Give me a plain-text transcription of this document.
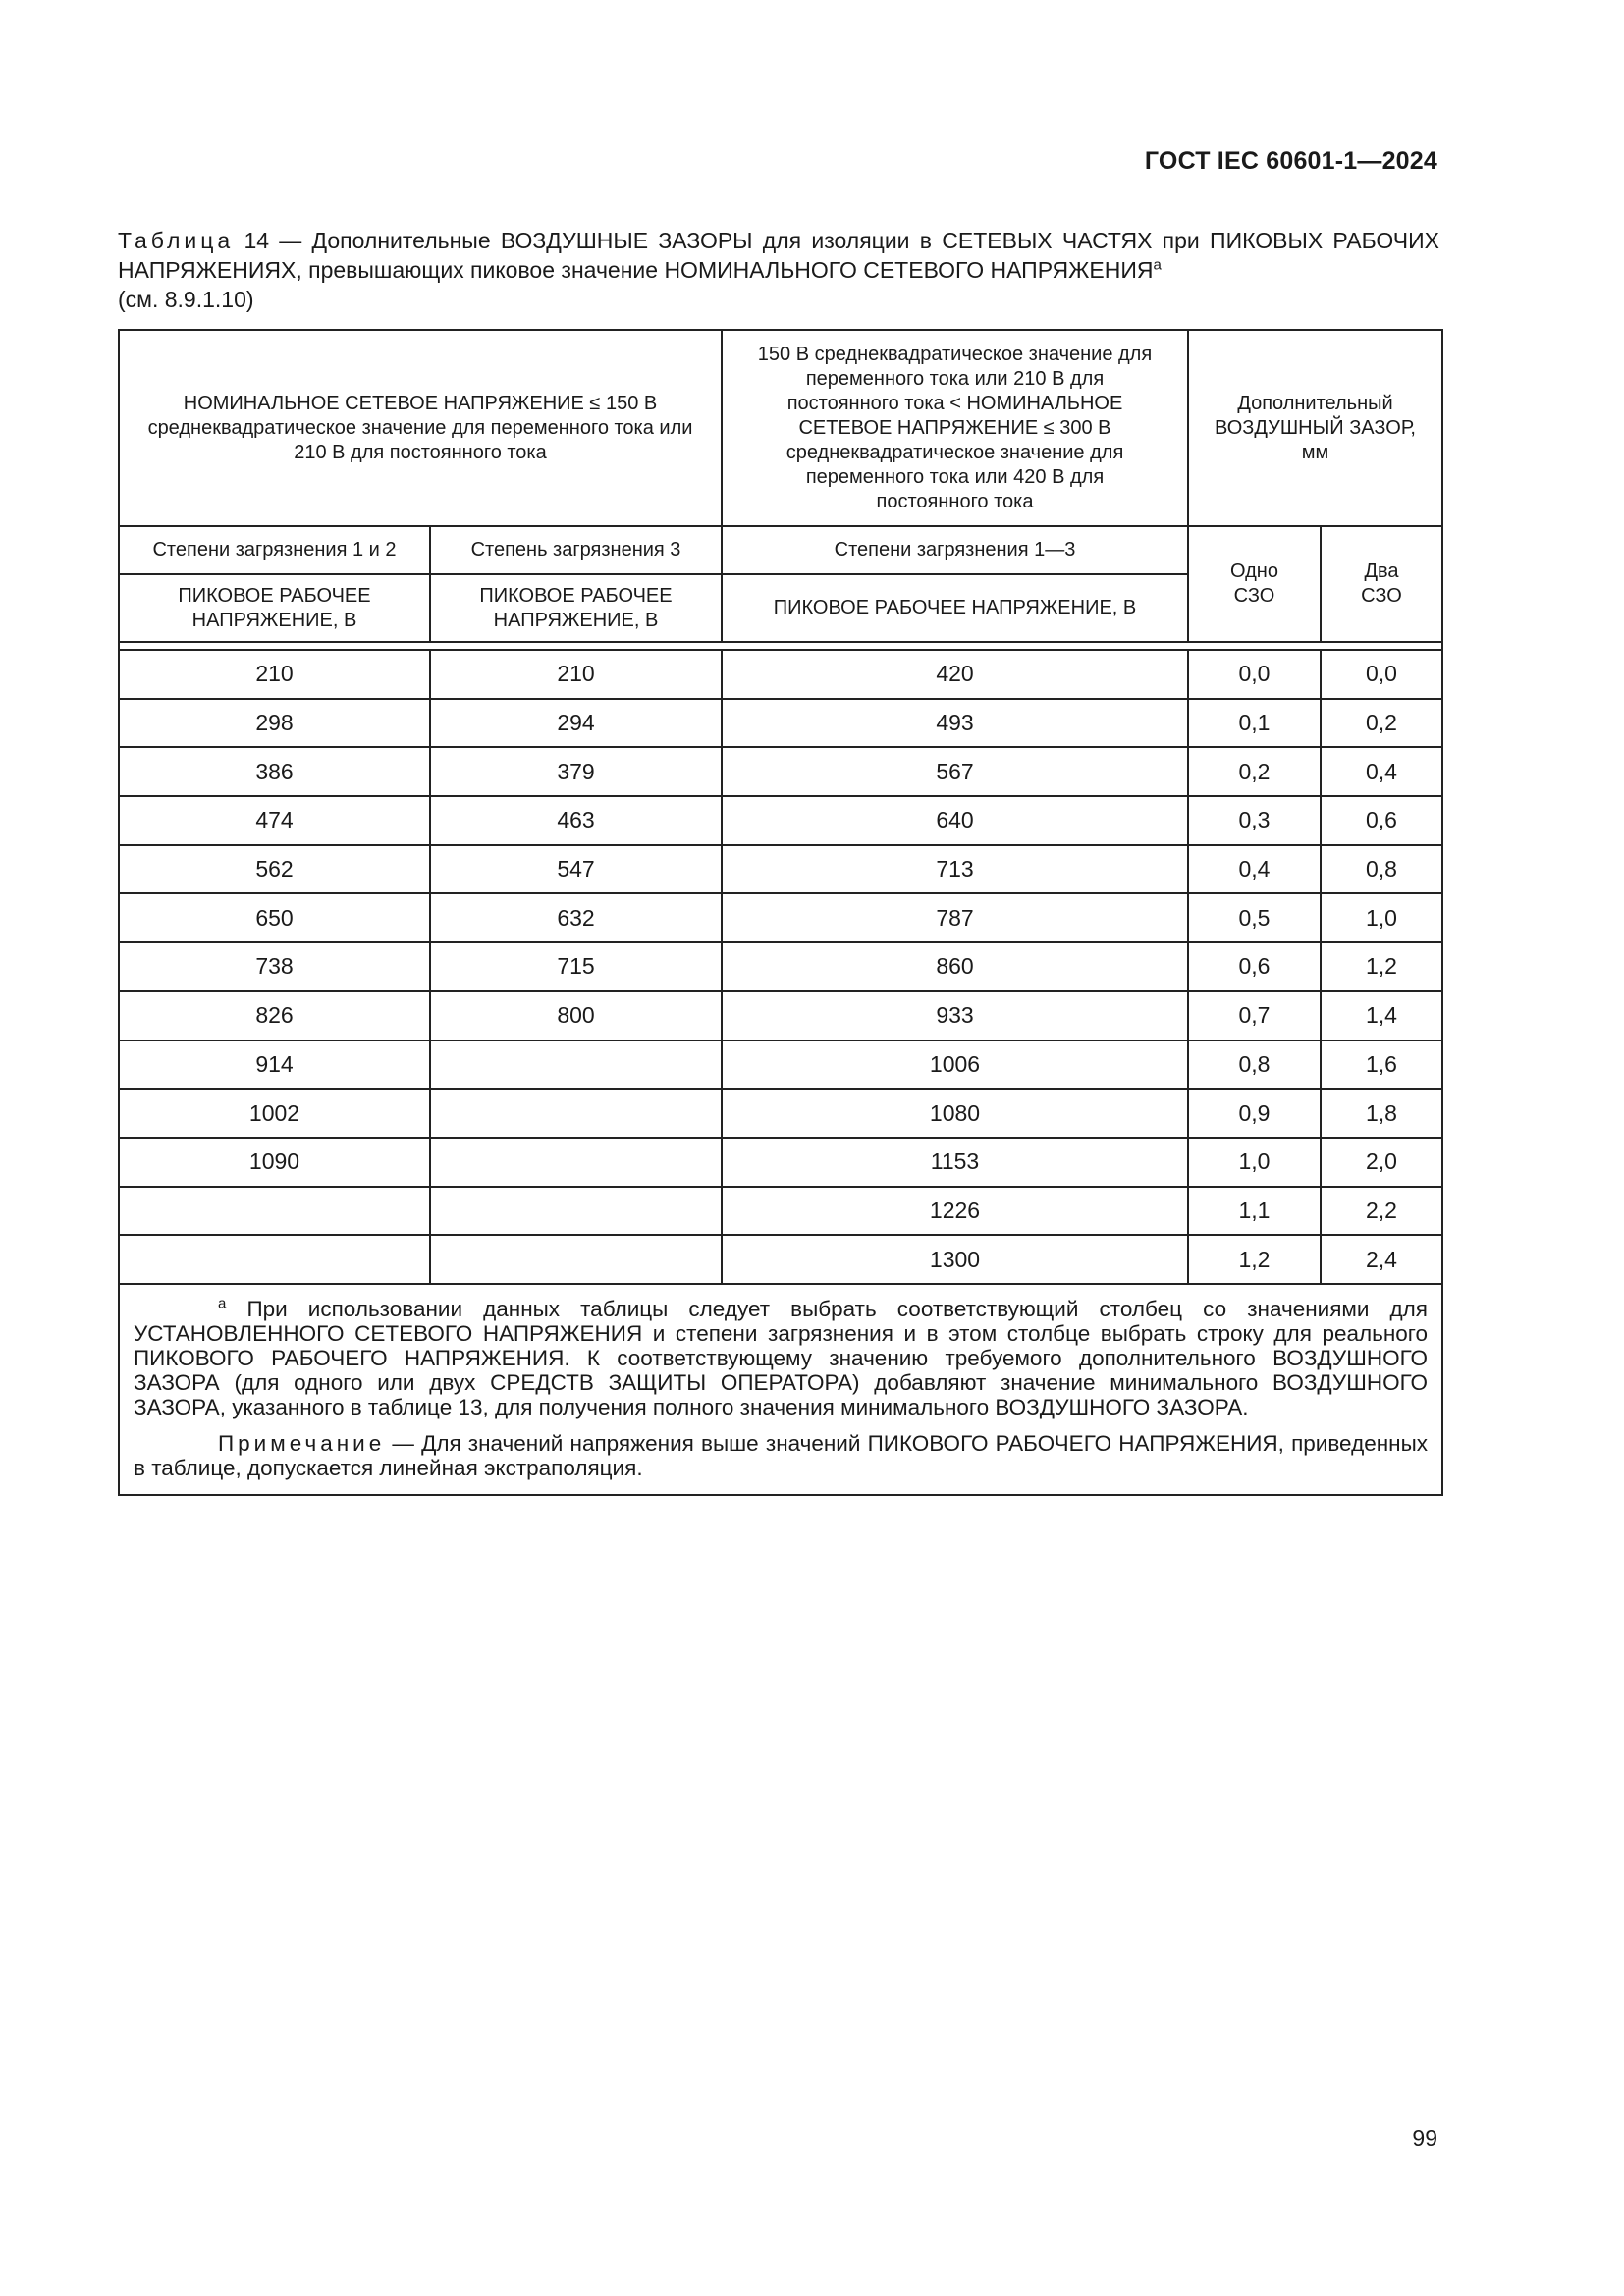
ГОСТ IEC 60601-1—2024
Таблица 14 — Дополнительные ВОЗДУШНЫЕ ЗАЗОРЫ для изоляции в СЕТЕВЫХ ЧАСТЯХ при ПИКОВЫХ РАБОЧИХ НАПРЯЖЕНИЯХ, превышающих пиковое значение НОМИНАЛЬНОГО СЕТЕВОГО НАПРЯЖЕНИЯ$^a$
(см. 8.9.1.10)
НОМИНАЛЬНОЕ СЕТЕВОЕ НАПРЯЖЕНИЕ ≤ 150 В среднеквадратическое значение для переменного тока или 210 В для постоянного тока		150 В среднеквадратическое значение для переменного тока или 210 В для постоянного тока < НОМИНАЛЬНОЕ СЕТЕВОЕ НАПРЯЖЕНИЕ ≤ 300 В среднеквадратическое значение для переменного тока или 420 В для постоянного тока	Дополнительный ВОЗДУШНЫЙ ЗАЗОР, мм	
Степени загрязнения 1 и 2	Степень загрязнения 3	Степени загрязнения 1—3	Одно СЗО	Два СЗО
ПИКОВОЕ РАБОЧЕЕ НАПРЯЖЕНИЕ, В	ПИКОВОЕ РАБОЧЕЕ НАПРЯЖЕНИЕ, В	ПИКОВОЕ РАБОЧЕЕ НАПРЯЖЕНИЕ, В		

210	210	420	0,0	0,0
298	294	493	0,1	0,2
386	379	567	0,2	0,4
474	463	640	0,3	0,6
562	547	713	0,4	0,8
650	632	787	0,5	1,0
738	715	860	0,6	1,2
826	800	933	0,7	1,4
914		1006	0,8	1,6
1002		1080	0,9	1,8
1090		1153	1,0	2,0
		1226	1,1	2,2
		1300	1,2	2,4

$^a$ При использовании данных таблицы следует выбрать соответствующий столбец со значениями для УСТАНОВЛЕННОГО СЕТЕВОГО НАПРЯЖЕНИЯ и степени загрязнения и в этом столбце выбрать строку для реального ПИКОВОГО РАБОЧЕГО НАПРЯЖЕНИЯ. К соответствующему значению требуемого дополнительного ВОЗДУШНОГО ЗАЗОРА (для одного или двух СРЕДСТВ ЗАЩИТЫ ОПЕРАТОРА) добавляют значение минимального ВОЗДУШНОГО ЗАЗОРА, указанного в таблице 13, для получения полного значения минимального ВОЗДУШНОГО ЗАЗОРА.

Примечание — Для значений напряжения выше значений ПИКОВОГО РАБОЧЕГО НАПРЯЖЕНИЯ, приведенных в таблице, допускается линейная экстраполяция.				

99
